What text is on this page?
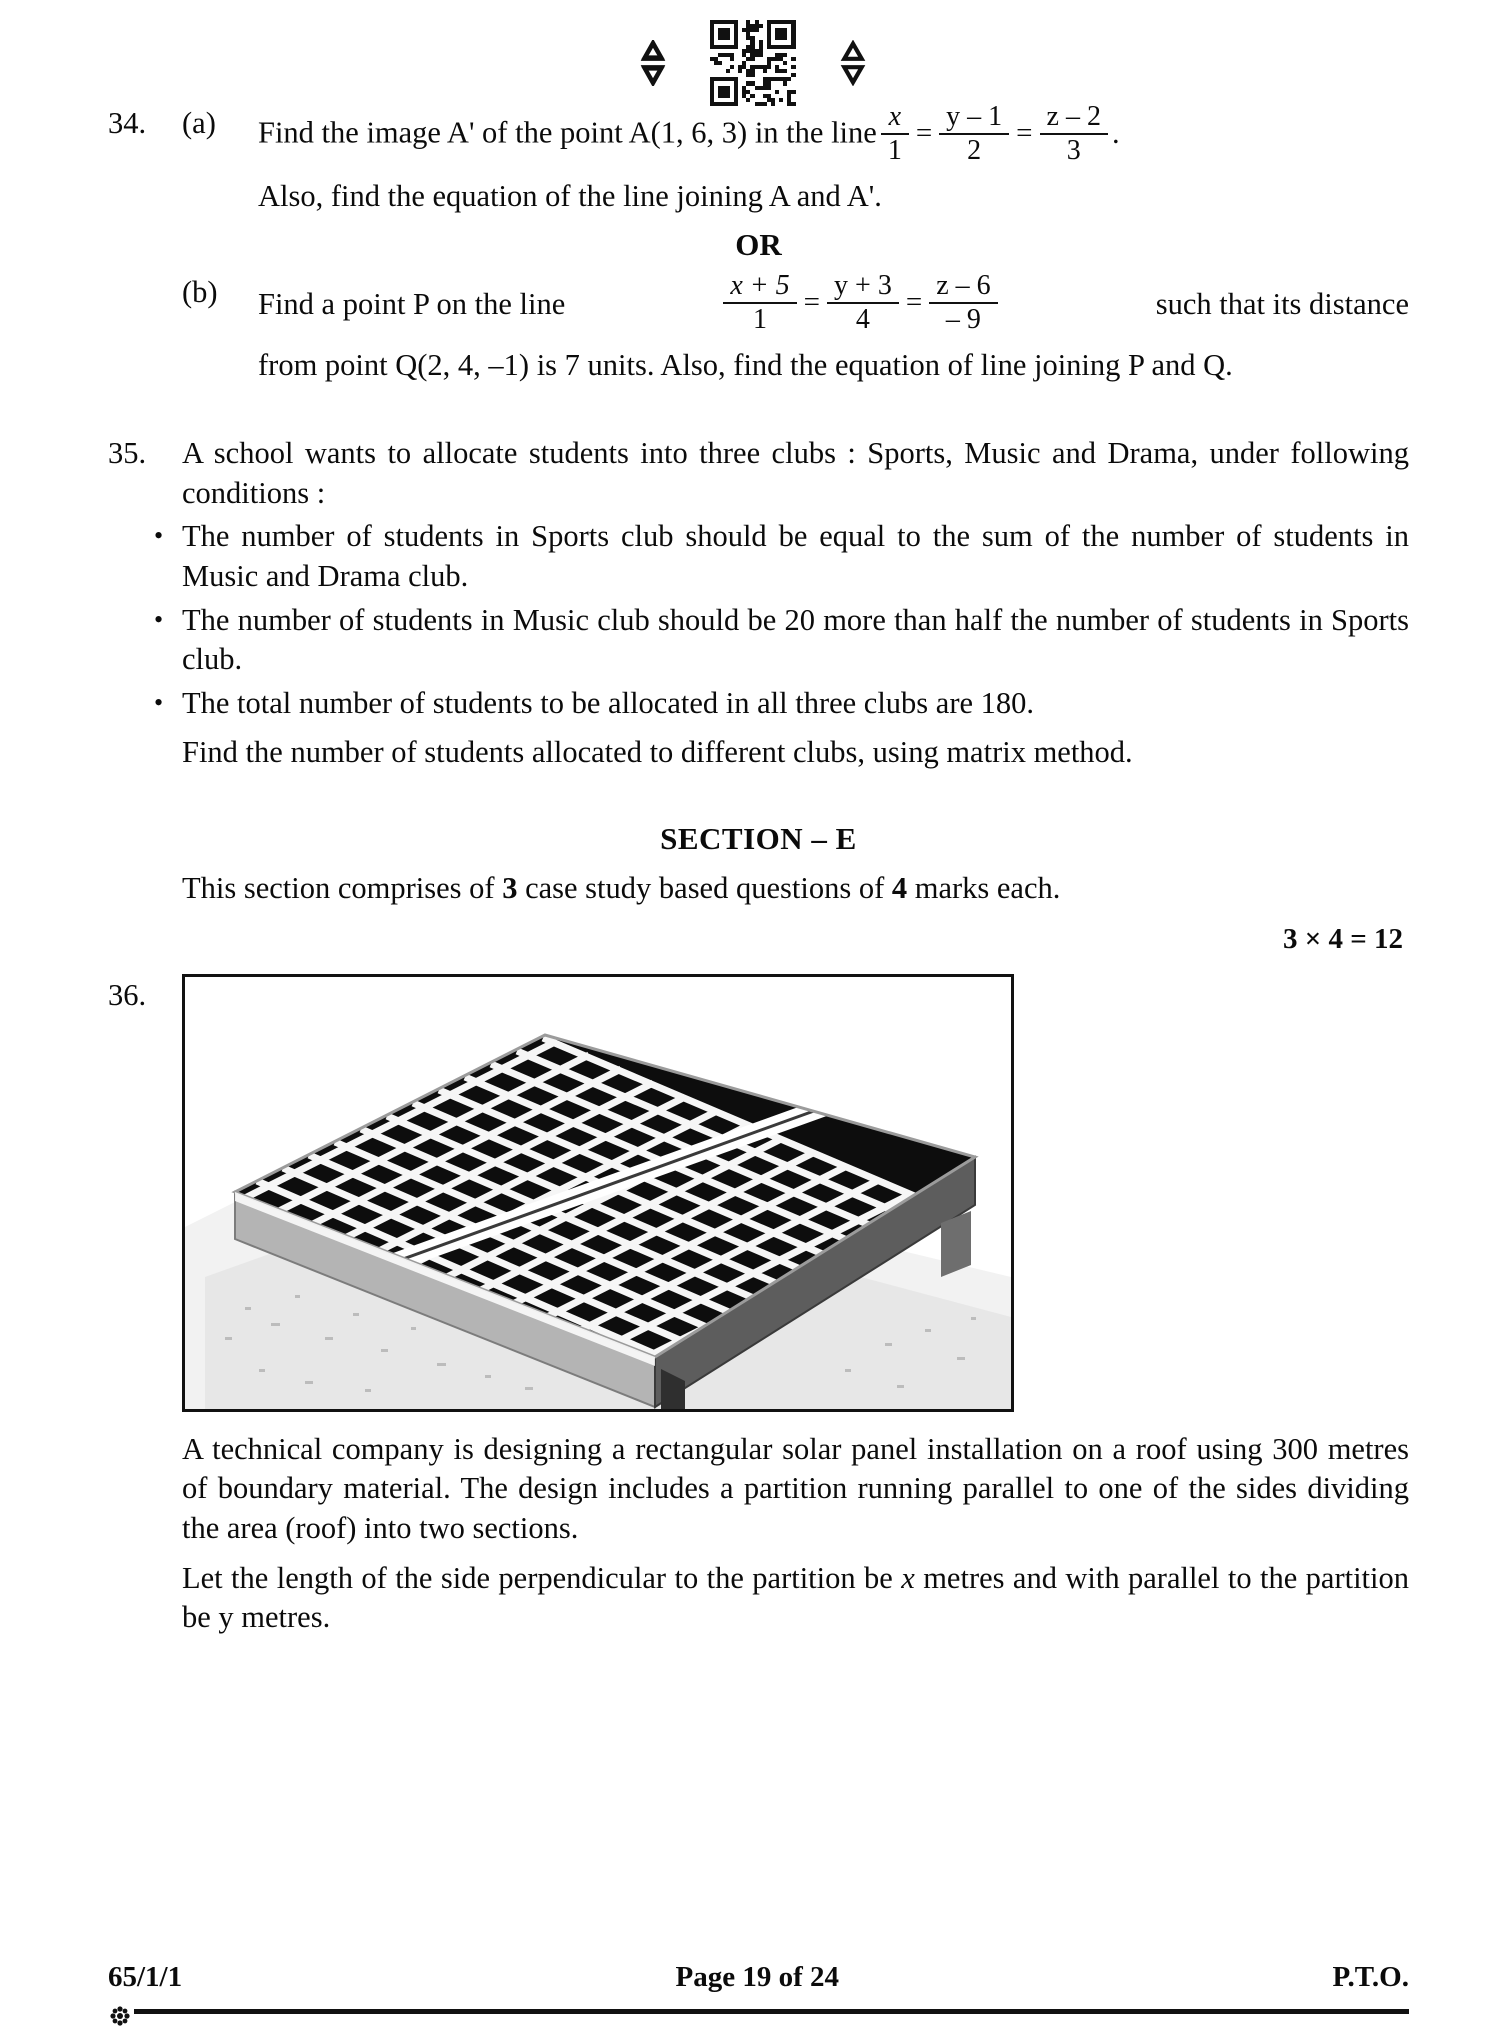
34.	(a)	Find the image A' of the point A(1, 6, 3) in the line $\frac{x}{1} = \frac{y - 1}{2} = \frac{z - 2}{3}$ .
Also, find the equation of the line joining A and A'.
OR
(b)	Find a point P on the line	$\frac{x + 5}{1} = \frac{y + 3}{4} = \frac{z - 6}{- 9}$	such that its distance
from point Q(2, 4, –1) is 7 units. Also, find the equation of line joining P and Q.
35.	A school wants to allocate students into three clubs : Sports, Music and Drama, under following conditions :
• The number of students in Sports club should be equal to the sum of the number of students in Music and Drama club.
• The number of students in Music club should be 20 more than half the number of students in Sports club.
• The total number of students to be allocated in all three clubs are 180.
Find the number of students allocated to different clubs, using matrix method.
SECTION – E
This section comprises of 3 case study based questions of 4 marks each.
3 × 4 = 12
36.
A technical company is designing a rectangular solar panel installation on a roof using 300 metres of boundary material. The design includes a partition running parallel to one of the sides dividing the area (roof) into two sections.
Let the length of the side perpendicular to the partition be x metres and with parallel to the partition be y metres.
65/1/1	Page 19 of 24	P.T.O.
